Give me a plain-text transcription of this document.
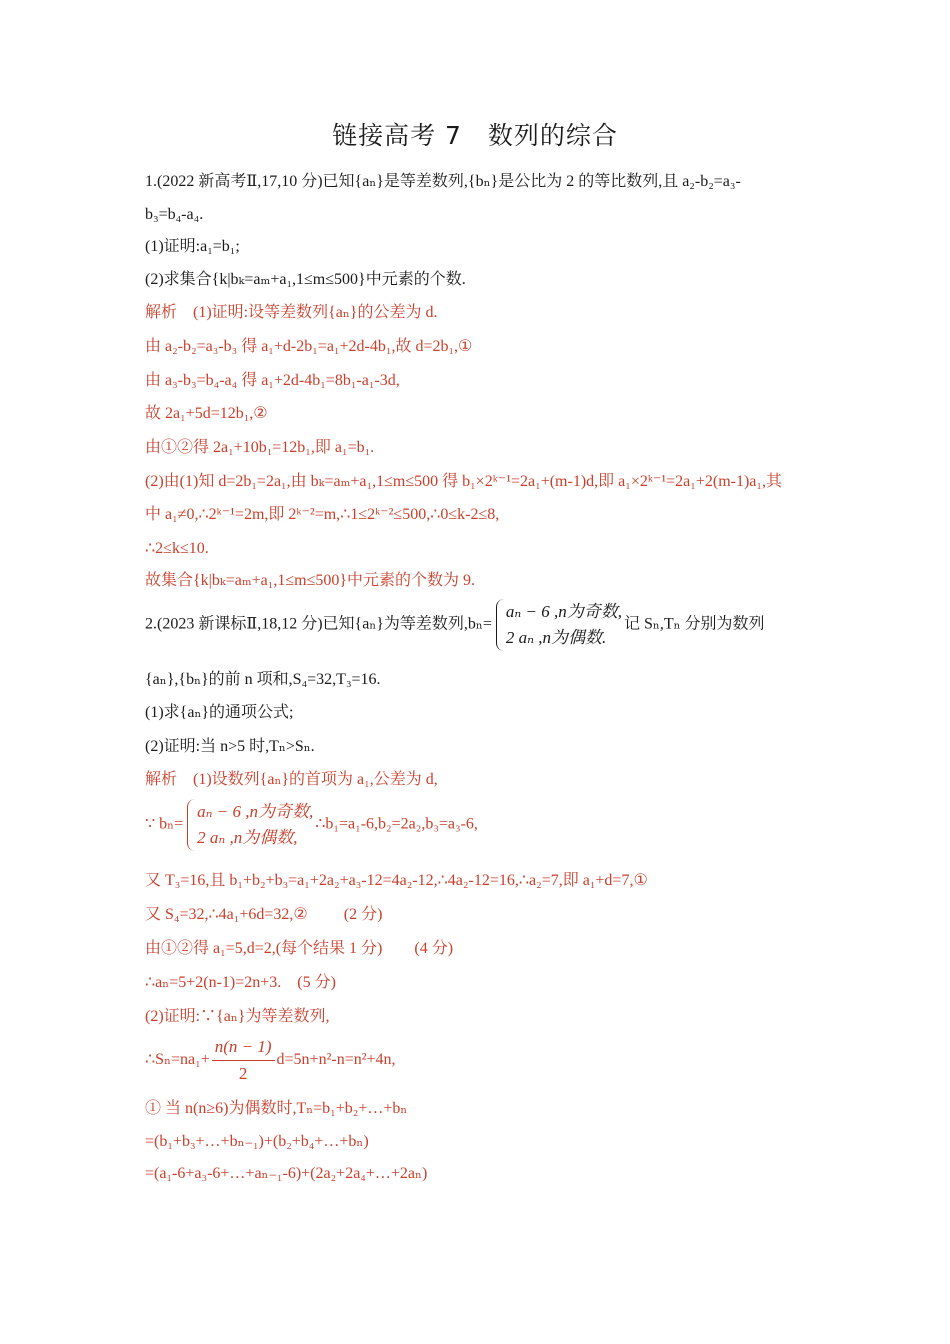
链接高考 7　数列的综合
1.(2022 新高考Ⅱ,17,10 分)已知{aₙ}是等差数列,{bₙ}是公比为 2 的等比数列,且 a₂-b₂=a₃-
b₃=b₄-a₄.
(1)证明:a₁=b₁;
(2)求集合{k|bₖ=aₘ+a₁,1≤m≤500}中元素的个数.
解析　(1)证明:设等差数列{aₙ}的公差为 d.
由 a₂-b₂=a₃-b₃ 得 a₁+d-2b₁=a₁+2d-4b₁,故 d=2b₁,①
由 a₃-b₃=b₄-a₄ 得 a₁+2d-4b₁=8b₁-a₁-3d,
故 2a₁+5d=12b₁,②
由①②得 2a₁+10b₁=12b₁,即 a₁=b₁.
(2)由(1)知 d=2b₁=2a₁,由 bₖ=aₘ+a₁,1≤m≤500 得 b₁×2ᵏ⁻¹=2a₁+(m-1)d,即 a₁×2ᵏ⁻¹=2a₁+2(m-1)a₁,其
中 a₁≠0,∴2ᵏ⁻¹=2m,即 2ᵏ⁻²=m,∴1≤2ᵏ⁻²≤500,∴0≤k-2≤8,
∴2≤k≤10.
故集合{k|bₖ=aₘ+a₁,1≤m≤500}中元素的个数为 9.
2.(2023 新课标Ⅱ,18,12 分)已知{aₙ}为等差数列,bₙ=
aₙ − 6 ,n为奇数,
2 aₙ ,n为偶数.
记 Sₙ,Tₙ 分别为数列
{aₙ},{bₙ}的前 n 项和,S₄=32,T₃=16.
(1)求{aₙ}的通项公式;
(2)证明:当 n>5 时,Tₙ>Sₙ.
解析　(1)设数列{aₙ}的首项为 a₁,公差为 d,
∵ bₙ=
aₙ − 6 ,n为奇数,
2 aₙ ,n为偶数,
∴b₁=a₁-6,b₂=2a₂,b₃=a₃-6,
又 T₃=16,且 b₁+b₂+b₃=a₁+2a₂+a₃-12=4a₂-12,∴4a₂-12=16,∴a₂=7,即 a₁+d=7,①
又 S₄=32,∴4a₁+6d=32,②　　 (2 分)
由①②得 a₁=5,d=2,(每个结果 1 分)　　(4 分)
∴aₙ=5+2(n-1)=2n+3.　(5 分)
(2)证明:∵{aₙ}为等差数列,
∴Sₙ=na₁+ $\frac{n(n - 1)}{2} d=5n+n^2-n=n^2+4n$,
① 当 n(n≥6)为偶数时,Tₙ=b₁+b₂+…+bₙ
=(b₁+b₃+…+bₙ₋₁)+(b₂+b₄+…+bₙ)
=(a₁-6+a₃-6+…+aₙ₋₁-6)+(2a₂+2a₄+…+2aₙ)
